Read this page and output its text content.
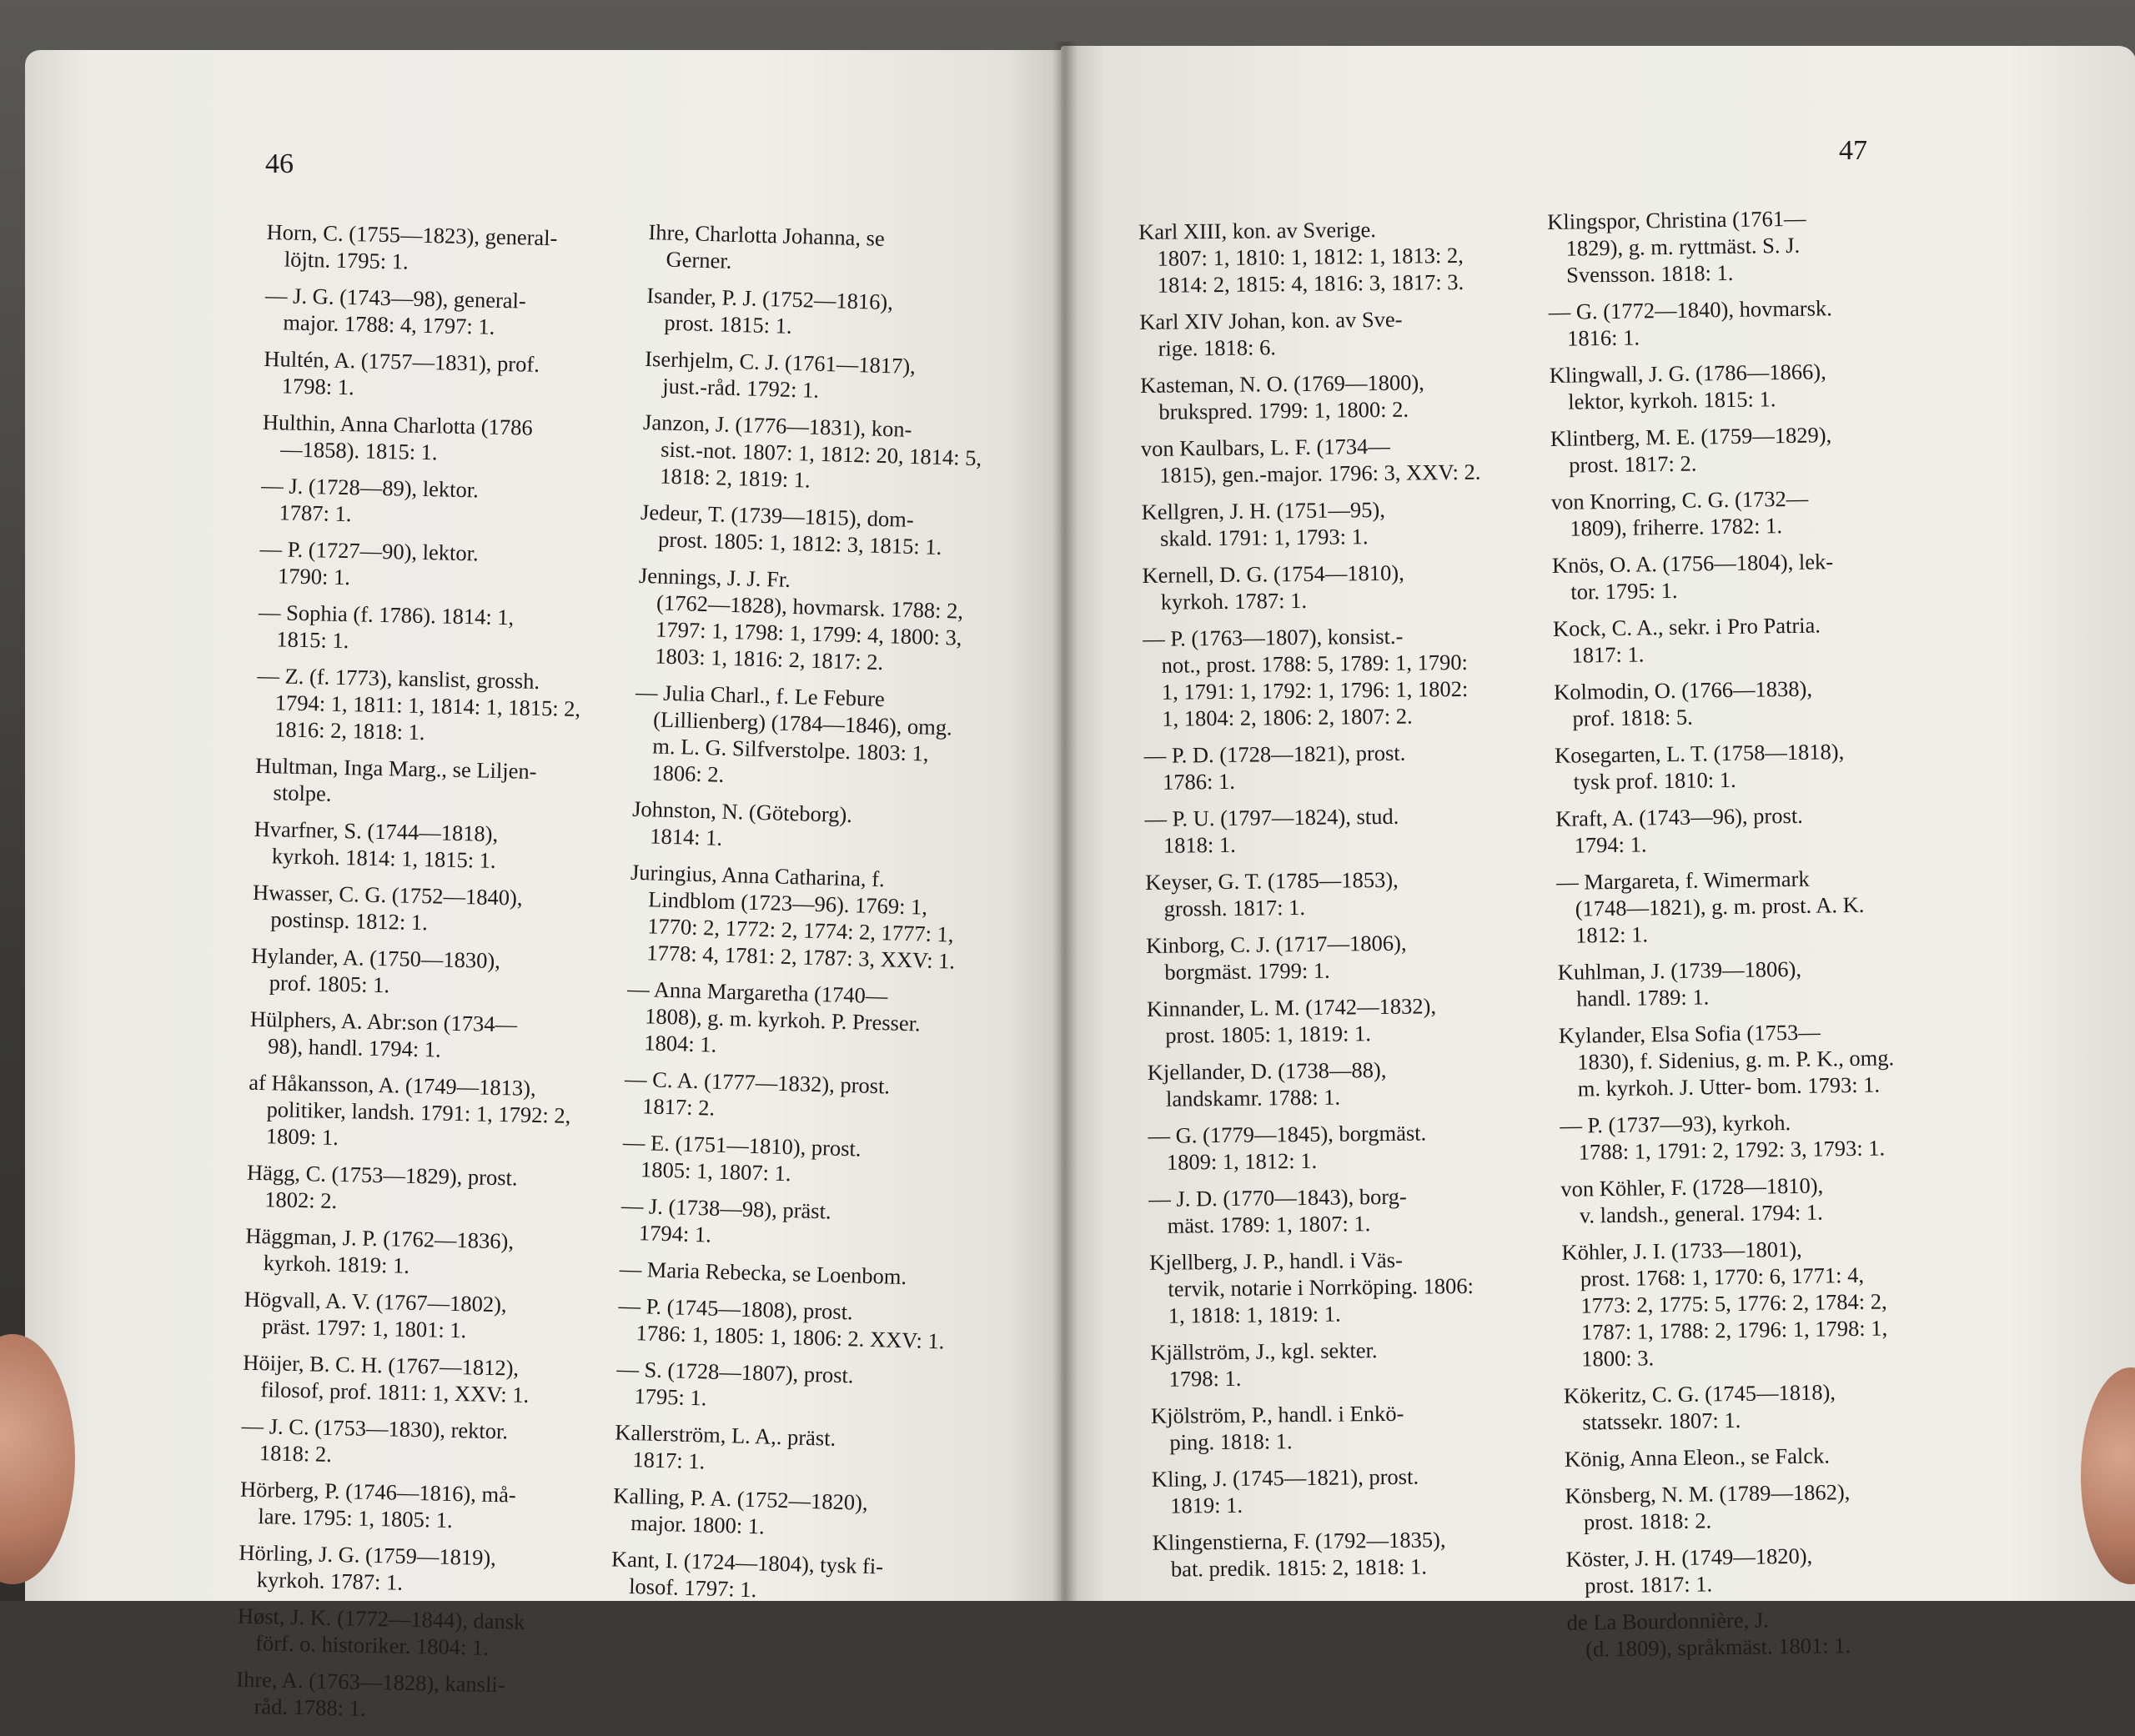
46	47
Horn, C. (1755—1823), general-
löjtn. 1795: 1.
— J. G. (1743—98), general-
major. 1788: 4, 1797: 1.
Hultén, A. (1757—1831), prof.
1798: 1.
Hulthin, Anna Charlotta (1786
—1858). 1815: 1.
— J. (1728—89), lektor.
1787: 1.
— P. (1727—90), lektor.
1790: 1.
— Sophia (f. 1786). 1814: 1,
1815: 1.
— Z. (f. 1773), kanslist, grossh.
1794: 1, 1811: 1, 1814: 1, 1815: 2, 1816: 2, 1818: 1.
Hultman, Inga Marg., se Liljen-
stolpe.
Hvarfner, S. (1744—1818),
kyrkoh. 1814: 1, 1815: 1.
Hwasser, C. G. (1752—1840),
postinsp. 1812: 1.
Hylander, A. (1750—1830),
prof. 1805: 1.
Hülphers, A. Abr:son (1734—
98), handl. 1794: 1.
af Håkansson, A. (1749—1813),
politiker, landsh. 1791: 1, 1792: 2, 1809: 1.
Hägg, C. (1753—1829), prost.
1802: 2.
Häggman, J. P. (1762—1836),
kyrkoh. 1819: 1.
Högvall, A. V. (1767—1802),
präst. 1797: 1, 1801: 1.
Höijer, B. C. H. (1767—1812),
filosof, prof. 1811: 1, XXV: 1.
— J. C. (1753—1830), rektor.
1818: 2.
Hörberg, P. (1746—1816), må-
lare. 1795: 1, 1805: 1.
Hörling, J. G. (1759—1819),
kyrkoh. 1787: 1.
Høst, J. K. (1772—1844), dansk
förf. o. historiker. 1804: 1.
Ihre, A. (1763—1828), kansli-
råd. 1788: 1.
Ihre, Charlotta Johanna, se
Gerner.
Isander, P. J. (1752—1816),
prost. 1815: 1.
Iserhjelm, C. J. (1761—1817),
just.-råd. 1792: 1.
Janzon, J. (1776—1831), kon-
sist.-not. 1807: 1, 1812: 20, 1814: 5, 1818: 2, 1819: 1.
Jedeur, T. (1739—1815), dom-
prost. 1805: 1, 1812: 3, 1815: 1.
Jennings, J. J. Fr.
(1762—1828), hovmarsk. 1788: 2, 1797: 1, 1798: 1, 1799: 4, 1800: 3, 1803: 1, 1816: 2, 1817: 2.
— Julia Charl., f. Le Febure
(Lillienberg) (1784—1846), omg. m. L. G. Silfverstolpe. 1803: 1, 1806: 2.
Johnston, N. (Göteborg).
1814: 1.
Juringius, Anna Catharina, f.
Lindblom (1723—96). 1769: 1, 1770: 2, 1772: 2, 1774: 2, 1777: 1, 1778: 4, 1781: 2, 1787: 3, XXV: 1.
— Anna Margaretha (1740—
1808), g. m. kyrkoh. P. Presser. 1804: 1.
— C. A. (1777—1832), prost.
1817: 2.
— E. (1751—1810), prost.
1805: 1, 1807: 1.
— J. (1738—98), präst.
1794: 1.
— Maria Rebecka, se Loenbom.
— P. (1745—1808), prost.
1786: 1, 1805: 1, 1806: 2. XXV: 1.
— S. (1728—1807), prost.
1795: 1.
Kallerström, L. A,. präst.
1817: 1.
Kalling, P. A. (1752—1820),
major. 1800: 1.
Kant, I. (1724—1804), tysk fi-
losof. 1797: 1.
Karl XIII, kon. av Sverige.
1807: 1, 1810: 1, 1812: 1, 1813: 2, 1814: 2, 1815: 4, 1816: 3, 1817: 3.
Karl XIV Johan, kon. av Sve-
rige. 1818: 6.
Kasteman, N. O. (1769—1800),
brukspred. 1799: 1, 1800: 2.
von Kaulbars, L. F. (1734—
1815), gen.-major. 1796: 3, XXV: 2.
Kellgren, J. H. (1751—95),
skald. 1791: 1, 1793: 1.
Kernell, D. G. (1754—1810),
kyrkoh. 1787: 1.
— P. (1763—1807), konsist.-
not., prost. 1788: 5, 1789: 1, 1790: 1, 1791: 1, 1792: 1, 1796: 1, 1802: 1, 1804: 2, 1806: 2, 1807: 2.
— P. D. (1728—1821), prost.
1786: 1.
— P. U. (1797—1824), stud.
1818: 1.
Keyser, G. T. (1785—1853),
grossh. 1817: 1.
Kinborg, C. J. (1717—1806),
borgmäst. 1799: 1.
Kinnander, L. M. (1742—1832),
prost. 1805: 1, 1819: 1.
Kjellander, D. (1738—88),
landskamr. 1788: 1.
— G. (1779—1845), borgmäst.
1809: 1, 1812: 1.
— J. D. (1770—1843), borg-
mäst. 1789: 1, 1807: 1.
Kjellberg, J. P., handl. i Väs-
tervik, notarie i Norrköping. 1806: 1, 1818: 1, 1819: 1.
Kjällström, J., kgl. sekter.
1798: 1.
Kjölström, P., handl. i Enkö-
ping. 1818: 1.
Kling, J. (1745—1821), prost.
1819: 1.
Klingenstierna, F. (1792—1835),
bat. predik. 1815: 2, 1818: 1.
Klingspor, Christina (1761—
1829), g. m. ryttmäst. S. J. Svensson. 1818: 1.
— G. (1772—1840), hovmarsk.
1816: 1.
Klingwall, J. G. (1786—1866),
lektor, kyrkoh. 1815: 1.
Klintberg, M. E. (1759—1829),
prost. 1817: 2.
von Knorring, C. G. (1732—
1809), friherre. 1782: 1.
Knös, O. A. (1756—1804), lek-
tor. 1795: 1.
Kock, C. A., sekr. i Pro Patria.
1817: 1.
Kolmodin, O. (1766—1838),
prof. 1818: 5.
Kosegarten, L. T. (1758—1818),
tysk prof. 1810: 1.
Kraft, A. (1743—96), prost.
1794: 1.
— Margareta, f. Wimermark
(1748—1821), g. m. prost. A. K. 1812: 1.
Kuhlman, J. (1739—1806),
handl. 1789: 1.
Kylander, Elsa Sofia (1753—
1830), f. Sidenius, g. m. P. K., omg. m. kyrkoh. J. Utter- bom. 1793: 1.
— P. (1737—93), kyrkoh.
1788: 1, 1791: 2, 1792: 3, 1793: 1.
von Köhler, F. (1728—1810),
v. landsh., general. 1794: 1.
Köhler, J. I. (1733—1801),
prost. 1768: 1, 1770: 6, 1771: 4, 1773: 2, 1775: 5, 1776: 2, 1784: 2, 1787: 1, 1788: 2, 1796: 1, 1798: 1, 1800: 3.
Kökeritz, C. G. (1745—1818),
statssekr. 1807: 1.
König, Anna Eleon., se Falck.
Könsberg, N. M. (1789—1862),
prost. 1818: 2.
Köster, J. H. (1749—1820),
prost. 1817: 1.
de La Bourdonnière, J.
(d. 1809), språkmäst. 1801: 1.
